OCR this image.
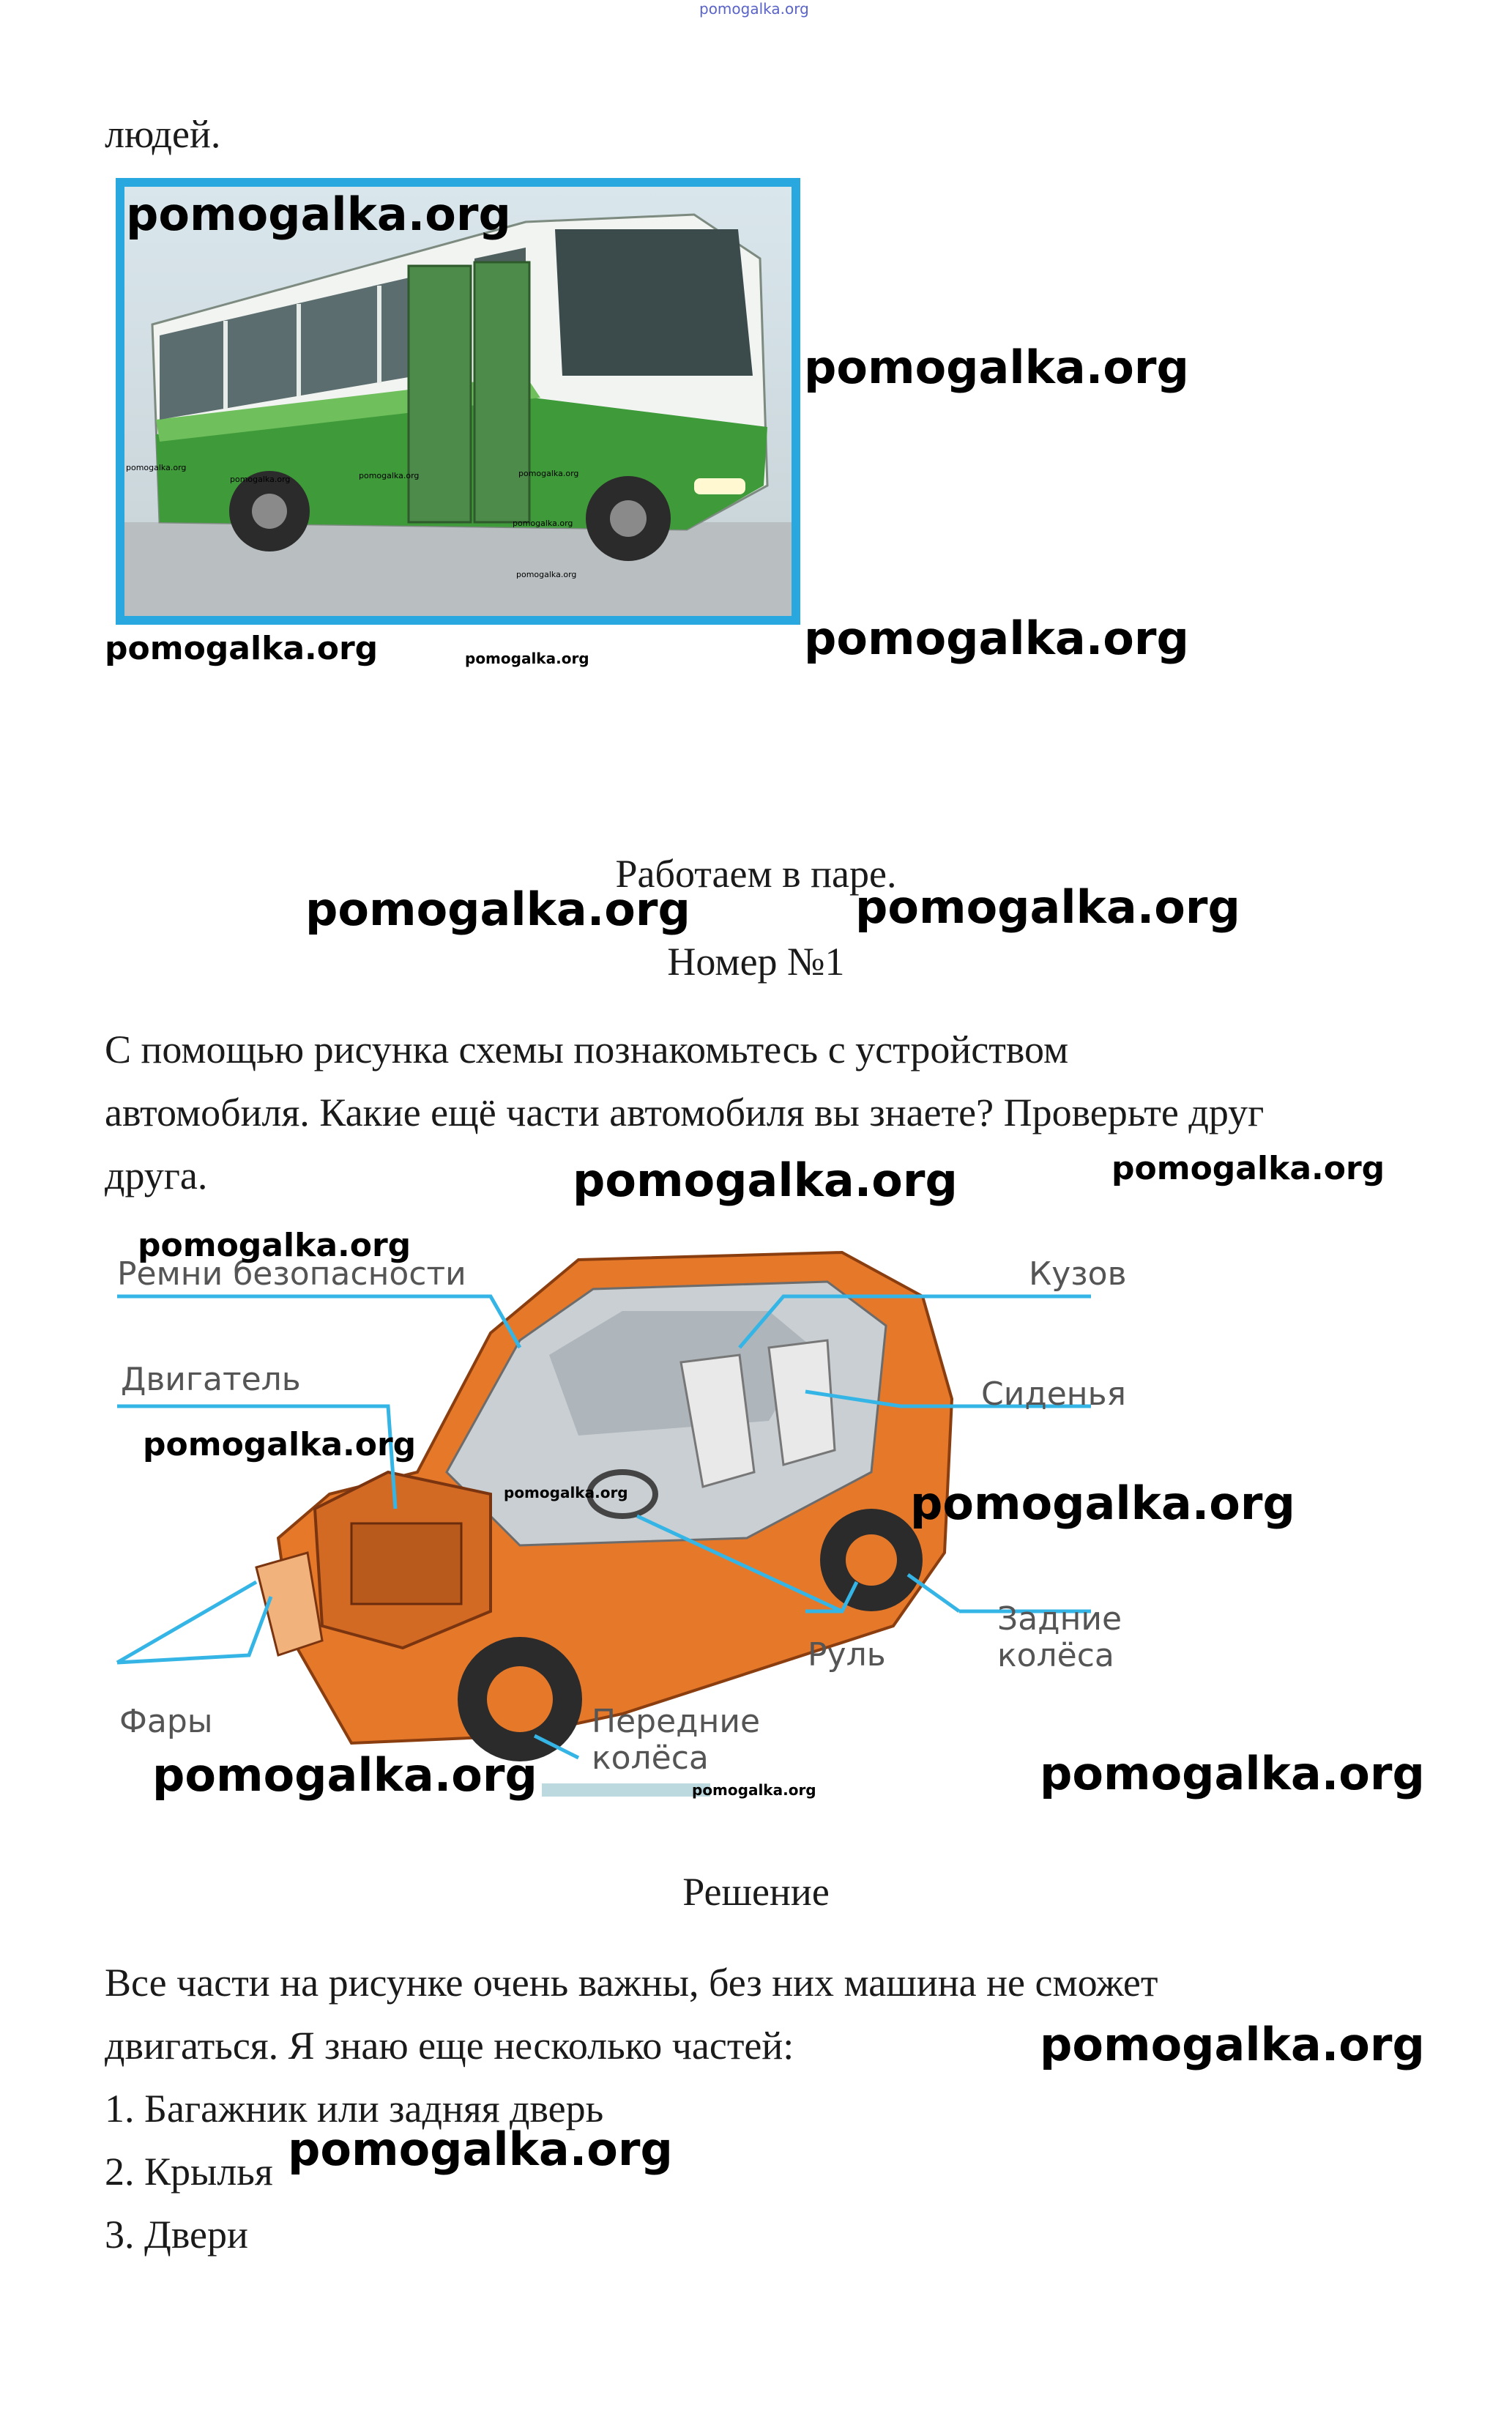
pomogalka.org
людей.
pomogalka.org
pomogalka.org
pomogalka.org
pomogalka.org	pomogalka.org
pomogalka.org
pomogalka.org	pomogalka.org	pomogalka.org
pomogalka.org
pomogalka.org
Работаем в паре.
pomogalka.org	pomogalka.org
Номер №1
С помощью рисунка схемы познакомьтесь с устройством
автомобиля. Какие ещё части автомобиля вы знаете? Проверьте друг
друга.	pomogalka.org	pomogalka.org
Ремни безопасности	Кузов
Двигатель	Сиденья
Задние
колёса
Руль
Фары	Передние
колёса
pomogalka.org
pomogalka.org
pomogalka.org	pomogalka.org
pomogalka.org	pomogalka.org	pomogalka.org
Решение
Все части на рисунке очень важны, без них машина не сможет
двигаться. Я знаю еще несколько частей:	pomogalka.org
1. Багажник или задняя дверь
2. Крылья
3. Двери
pomogalka.org
